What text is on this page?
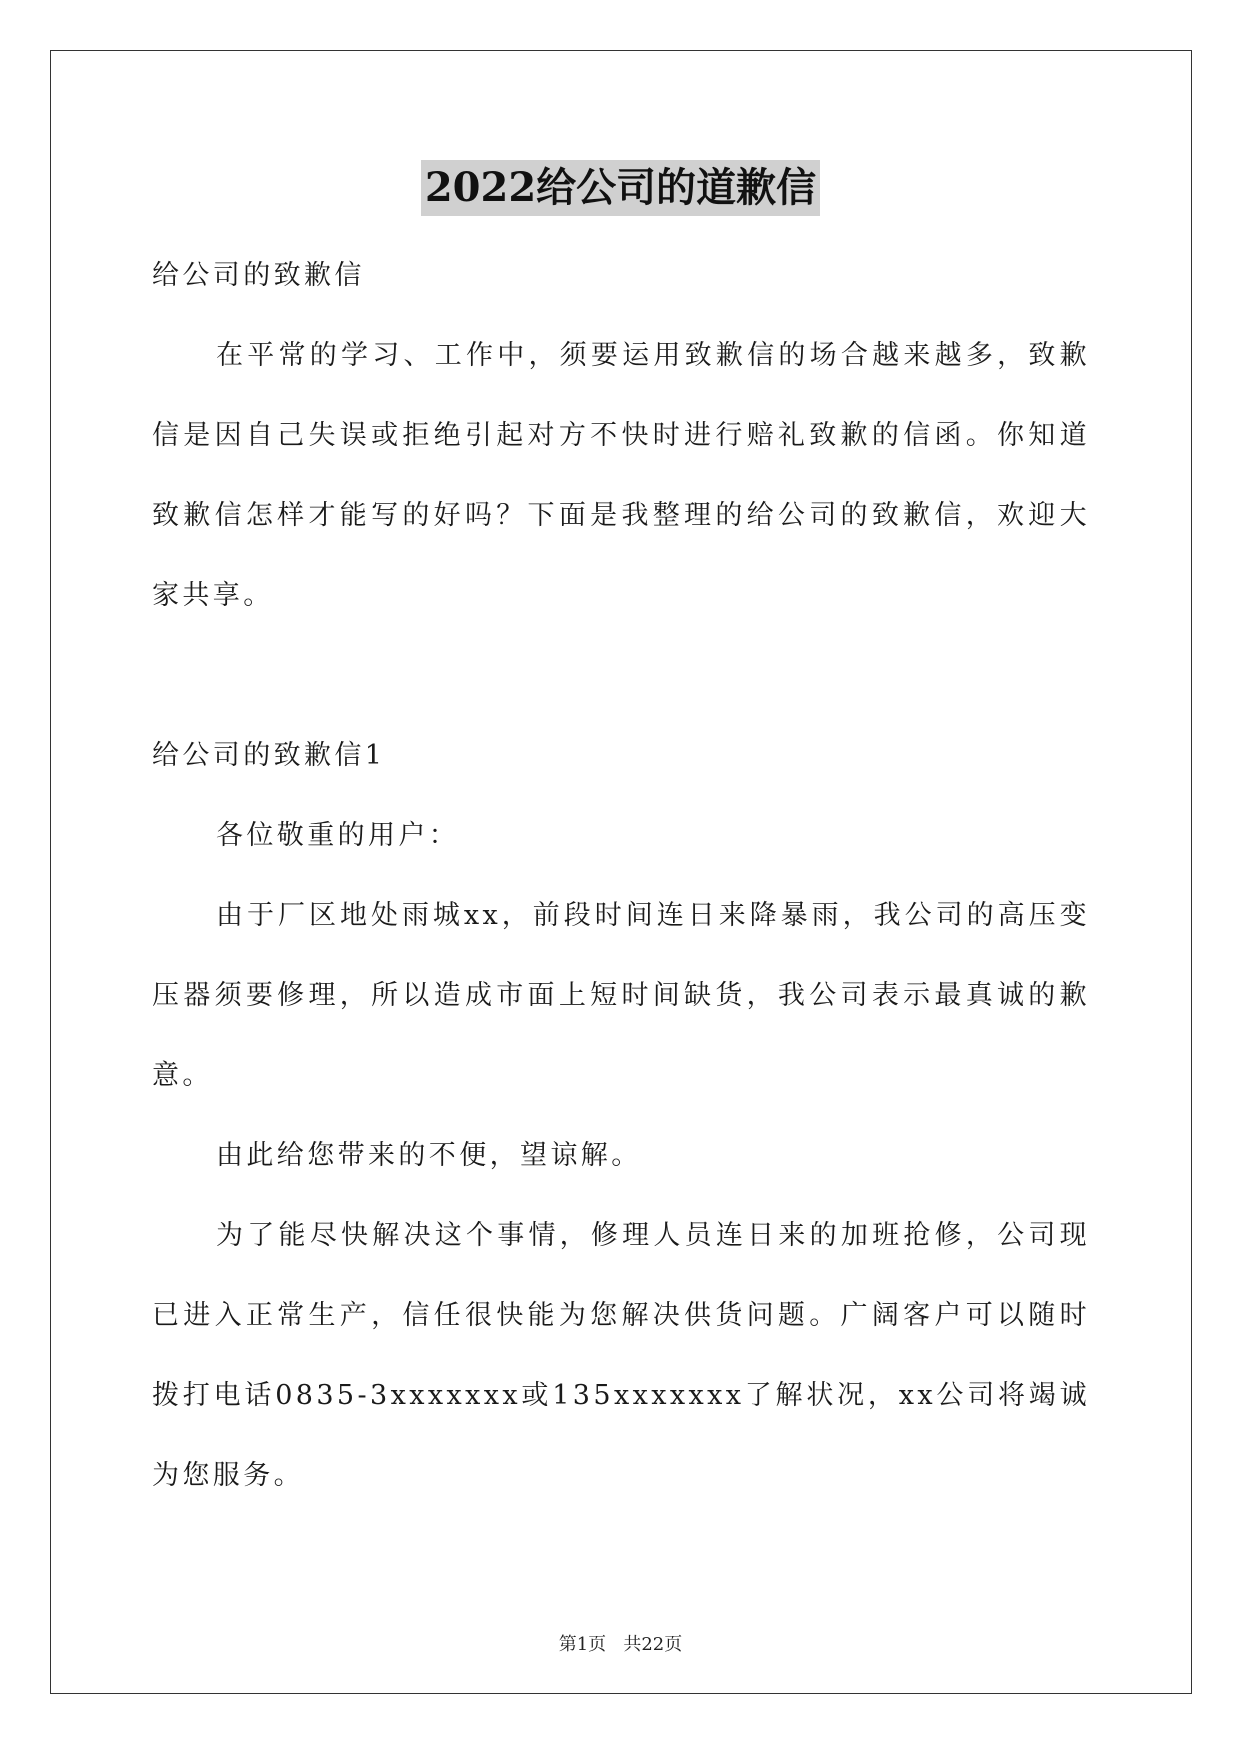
2022给公司的道歉信

给公司的致歉信

在平常的学习、工作中，须要运用致歉信的场合越来越多，致歉信是因自己失误或拒绝引起对方不快时进行赔礼致歉的信函。你知道致歉信怎样才能写的好吗？下面是我整理的给公司的致歉信，欢迎大家共享。

给公司的致歉信1

各位敬重的用户：

由于厂区地处雨城xx，前段时间连日来降暴雨，我公司的高压变压器须要修理，所以造成市面上短时间缺货，我公司表示最真诚的歉意。

由此给您带来的不便，望谅解。

为了能尽快解决这个事情，修理人员连日来的加班抢修，公司现已进入正常生产，信任很快能为您解决供货问题。广阔客户可以随时拨打电话0835-3xxxxxxx或135xxxxxxx了解状况，xx公司将竭诚为您服务。

第1页   共22页
